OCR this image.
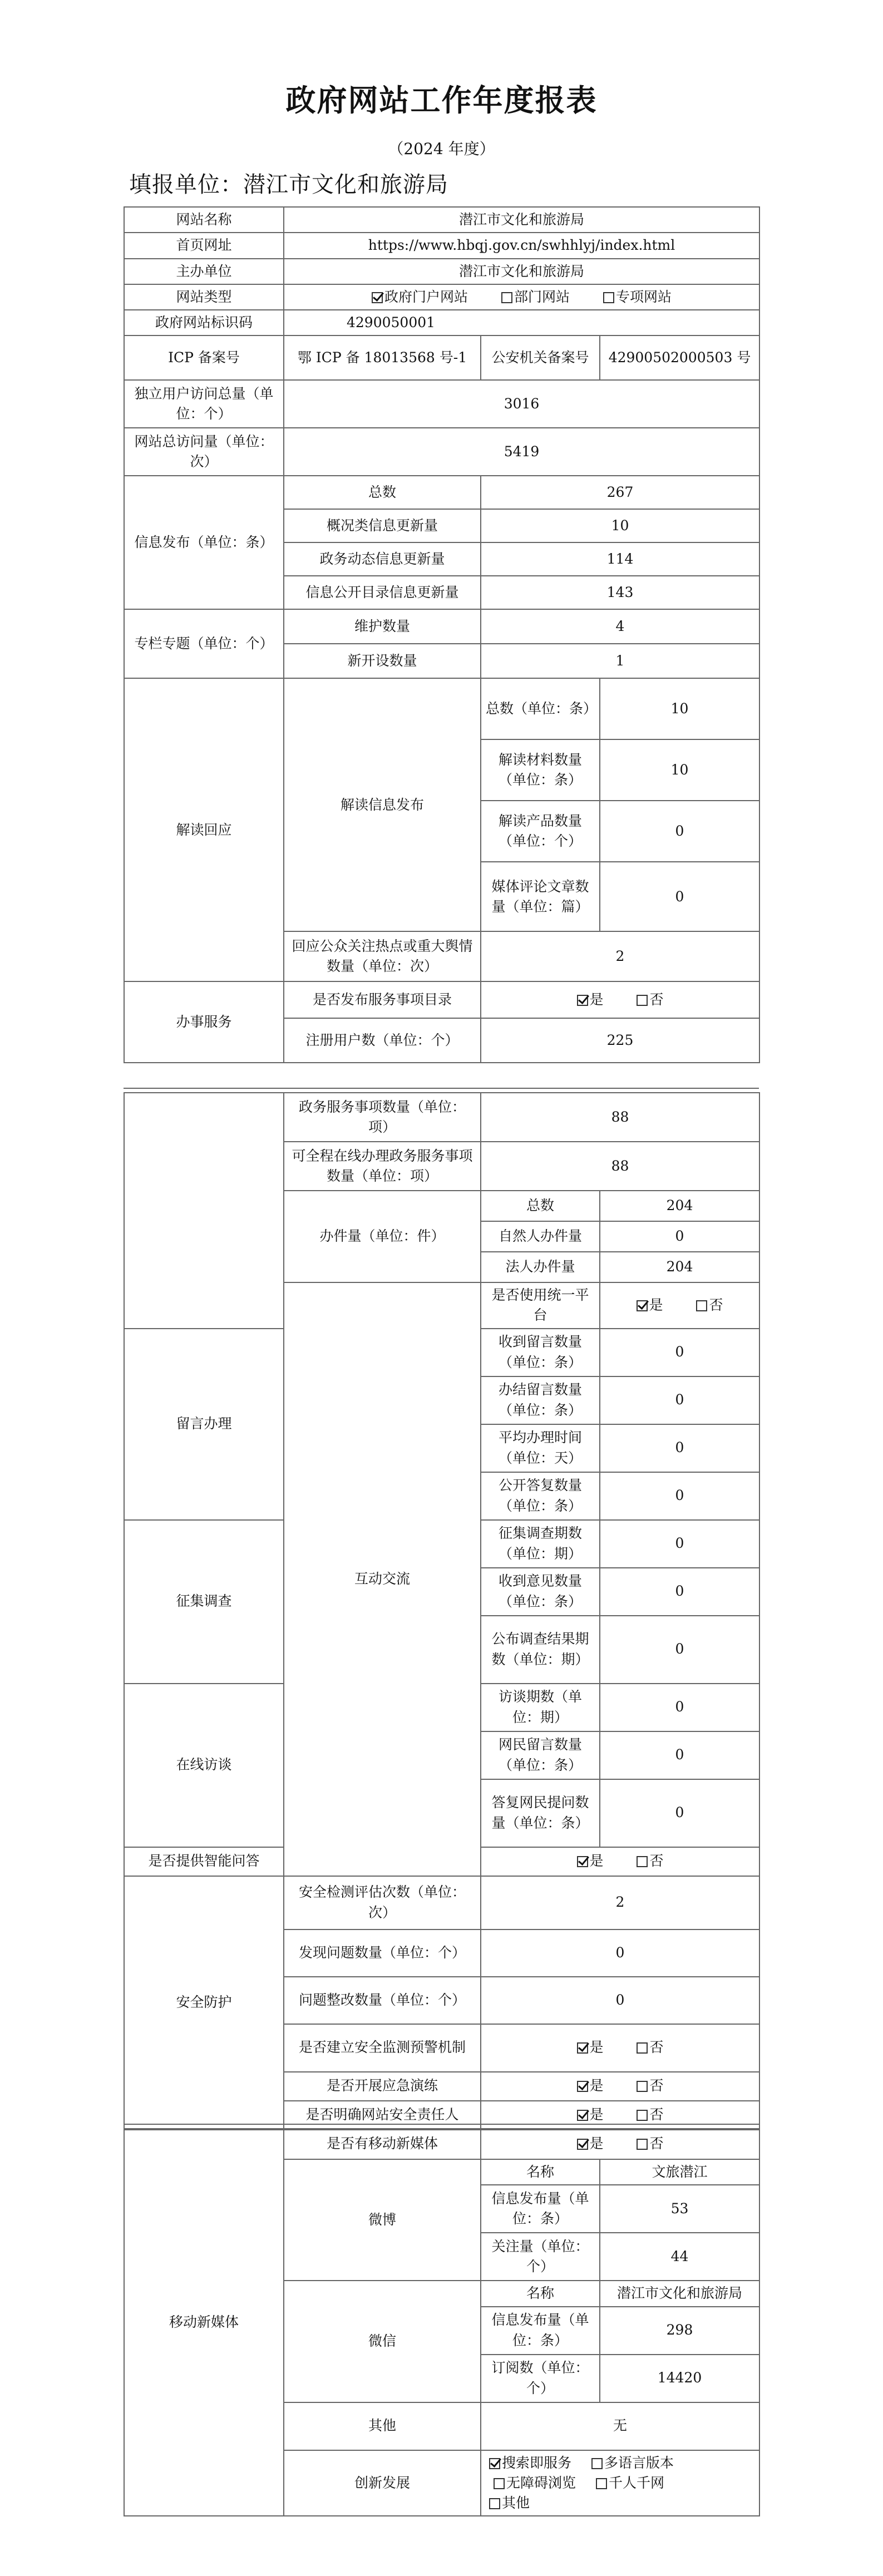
政府网站工作年度报表
（2024 年度）
填报单位：潜江市文化和旅游局
网站名称	潜江市文化和旅游局		
首页网址	https://www.hbqj.gov.cn/swhhlyj/index.html		
主办单位	潜江市文化和旅游局		
网站类型	政府门户网站 部门网站 专项网站		
政府网站标识码	4290050001		
ICP 备案号	鄂 ICP 备 18013568 号-1	公安机关备案号	42900502000503 号
独立用户访问总量（单位：个）	3016		
网站总访问量（单位：次）	5419		
信息发布（单位：条）	总数	267	
	概况类信息更新量	10	
	政务动态信息更新量	114	
	信息公开目录信息更新量	143	
专栏专题（单位：个）	维护数量	4	
	新开设数量	1	
解读回应	解读信息发布	总数（单位：条）	10
		解读材料数量（单位：条）	10
		解读产品数量（单位：个）	0
		媒体评论文章数量（单位：篇）	0
	回应公众关注热点或重大舆情数量（单位：次）	2	
办事服务	是否发布服务事项目录	是 否	
	注册用户数（单位：个）	225	
	政务服务事项数量（单位：项）	88	
	可全程在线办理政务服务事项数量（单位：项）	88	
	办件量（单位：件）	总数	204
		自然人办件量	0
		法人办件量	204
	互动交流	是否使用统一平台	是 否
留言办理		收到留言数量（单位：条）	0
		办结留言数量（单位：条）	0
		平均办理时间（单位：天）	0
		公开答复数量（单位：条）	0
征集调查		征集调查期数（单位：期）	0
		收到意见数量（单位：条）	0
		公布调查结果期数（单位：期）	0
在线访谈		访谈期数（单位：期）	0
		网民留言数量（单位：条）	0
		答复网民提问数量（单位：条）	0
是否提供智能问答		是 否	
安全防护	安全检测评估次数（单位：次）	2	
	发现问题数量（单位：个）	0	
	问题整改数量（单位：个）	0	
	是否建立安全监测预警机制	是 否	
	是否开展应急演练	是 否	
	是否明确网站安全责任人	是 否	
移动新媒体	是否有移动新媒体	是 否	
	微博	名称	文旅潜江
		信息发布量（单位：条）	53
		关注量（单位：个）	44
	微信	名称	潜江市文化和旅游局
		信息发布量（单位：条）	298
		订阅数（单位：个）	14420
	其他	无	
	创新发展	搜索即服务 多语言版本 无障碍浏览 千人千网
其他	
